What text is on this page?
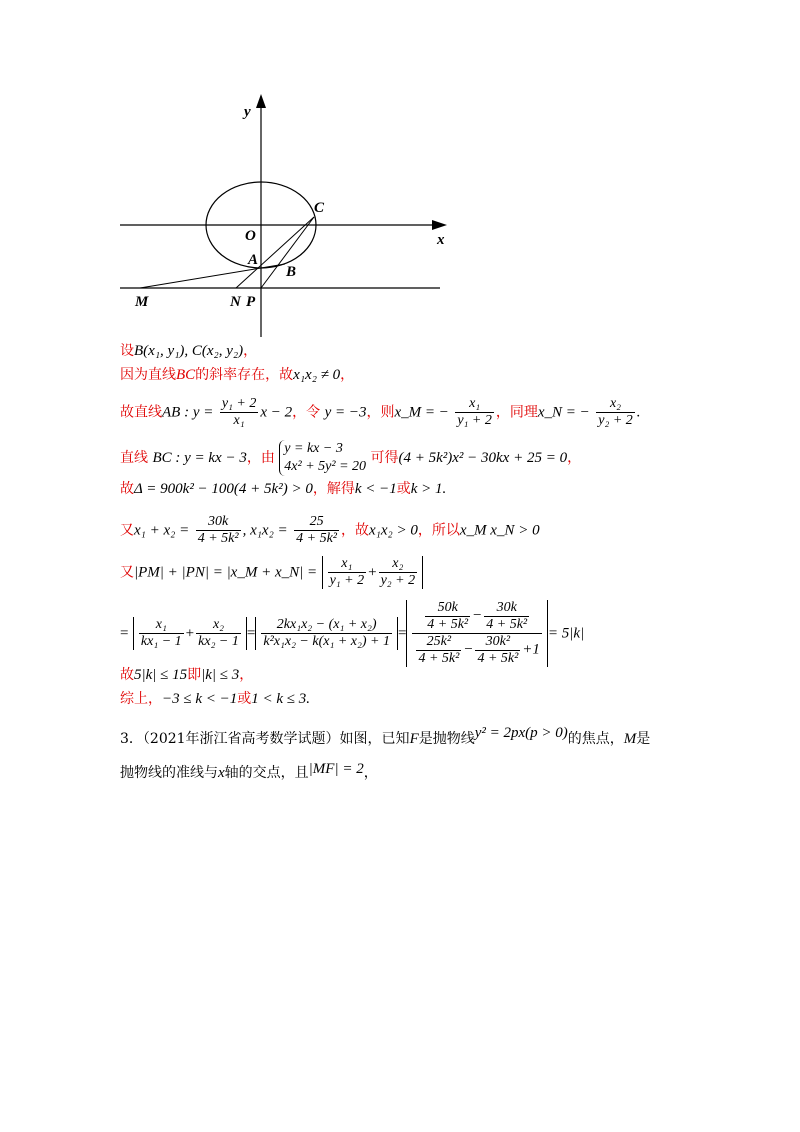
y
x
O
C
A
B
M	N P
设B(x₁, y₁), C(x₂, y₂)，
因为直线BC的斜率存在，故x₁x₂ ≠ 0，
故直线AB : $y = \frac{\text{y₁ + 2}}{\text{x₁}}$ x − 2，令 y = −3，则x_M = − $\frac{\text{x₁}}{\text{y₁ + 2}}$ ，同理x_N = − $\frac{\text{x₂}}{\text{y₂ + 2}}$ .
直线 BC : y = kx − 3，由
y = kx − 3
4x² + 5y² = 20
可得(4 + 5k²)x² − 30kx + 25 = 0，
故Δ = 900k² − 100(4 + 5k²) > 0，解得k < −1或k > 1.
又$x_1 + x_2 = \frac{30k}{\text{4 + 5k²}}$ , $x_1x_2 = \frac{25}{\text{4 + 5k²}}$ ，故x₁x₂ > 0，所以x_M x_N > 0
又|PM| + |PN| = |x_M + x_N| = $\frac{\text{x₁}}{\text{y₁ + 2}} + \frac{\text{x₂}}{\text{y₂ + 2}}$
= $\frac{\text{x₁}}{\text{kx₁ − 1}} + \frac{\text{x₂}}{\text{kx₂ − 1}} = \frac{\text{2kx₁x₂ − (x₁ + x₂)}}{\text{k²x₁x₂ − k(x₁ + x₂) + 1}} = \frac{\frac{50k}{\text{4 + 5k²}} - \frac{30k}{\text{4 + 5k²}}}{\frac{\text{25k²}}{\text{4 + 5k²}} - \frac{\text{30k²}}{\text{4 + 5k²}} +1} = 5|k|$
故5|k| ≤ 15即|k| ≤ 3，
综上，−3 ≤ k < −1或1 < k ≤ 3.
3．（2021年浙江省高考数学试题）如图，已知F是抛物线y² = 2px(p > 0)的焦点，M是
抛物线的准线与x轴的交点，且|MF| = 2，
